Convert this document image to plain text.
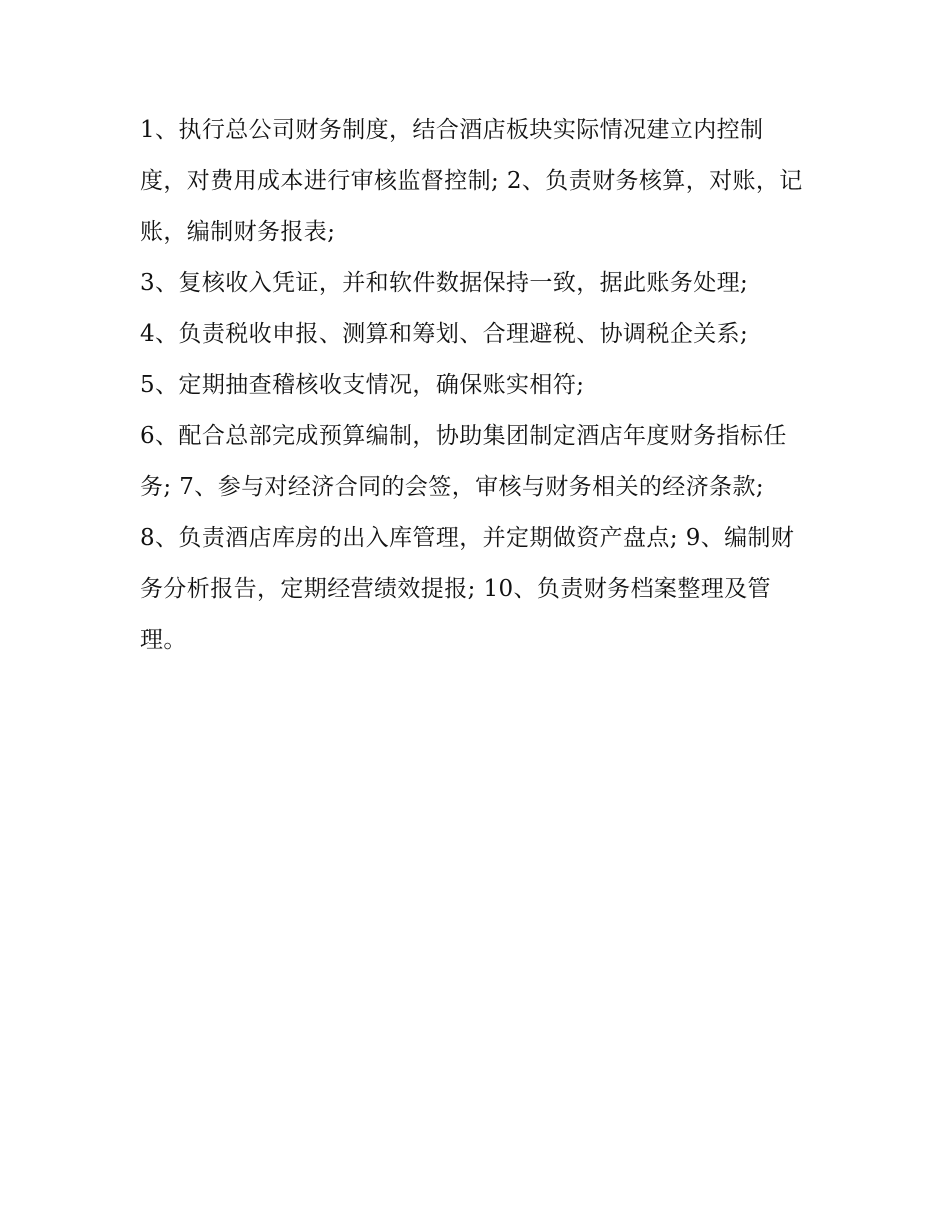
1、执行总公司财务制度，结合酒店板块实际情况建立内控制度，对费用成本进行审核监督控制; 2、负责财务核算，对账，记账，编制财务报表;

3、复核收入凭证，并和软件数据保持一致，据此账务处理;

4、负责税收申报、测算和筹划、合理避税、协调税企关系;

5、定期抽查稽核收支情况，确保账实相符;

6、配合总部完成预算编制，协助集团制定酒店年度财务指标任务; 7、参与对经济合同的会签，审核与财务相关的经济条款;

8、负责酒店库房的出入库管理，并定期做资产盘点; 9、编制财务分析报告，定期经营绩效提报; 10、负责财务档案整理及管理。
